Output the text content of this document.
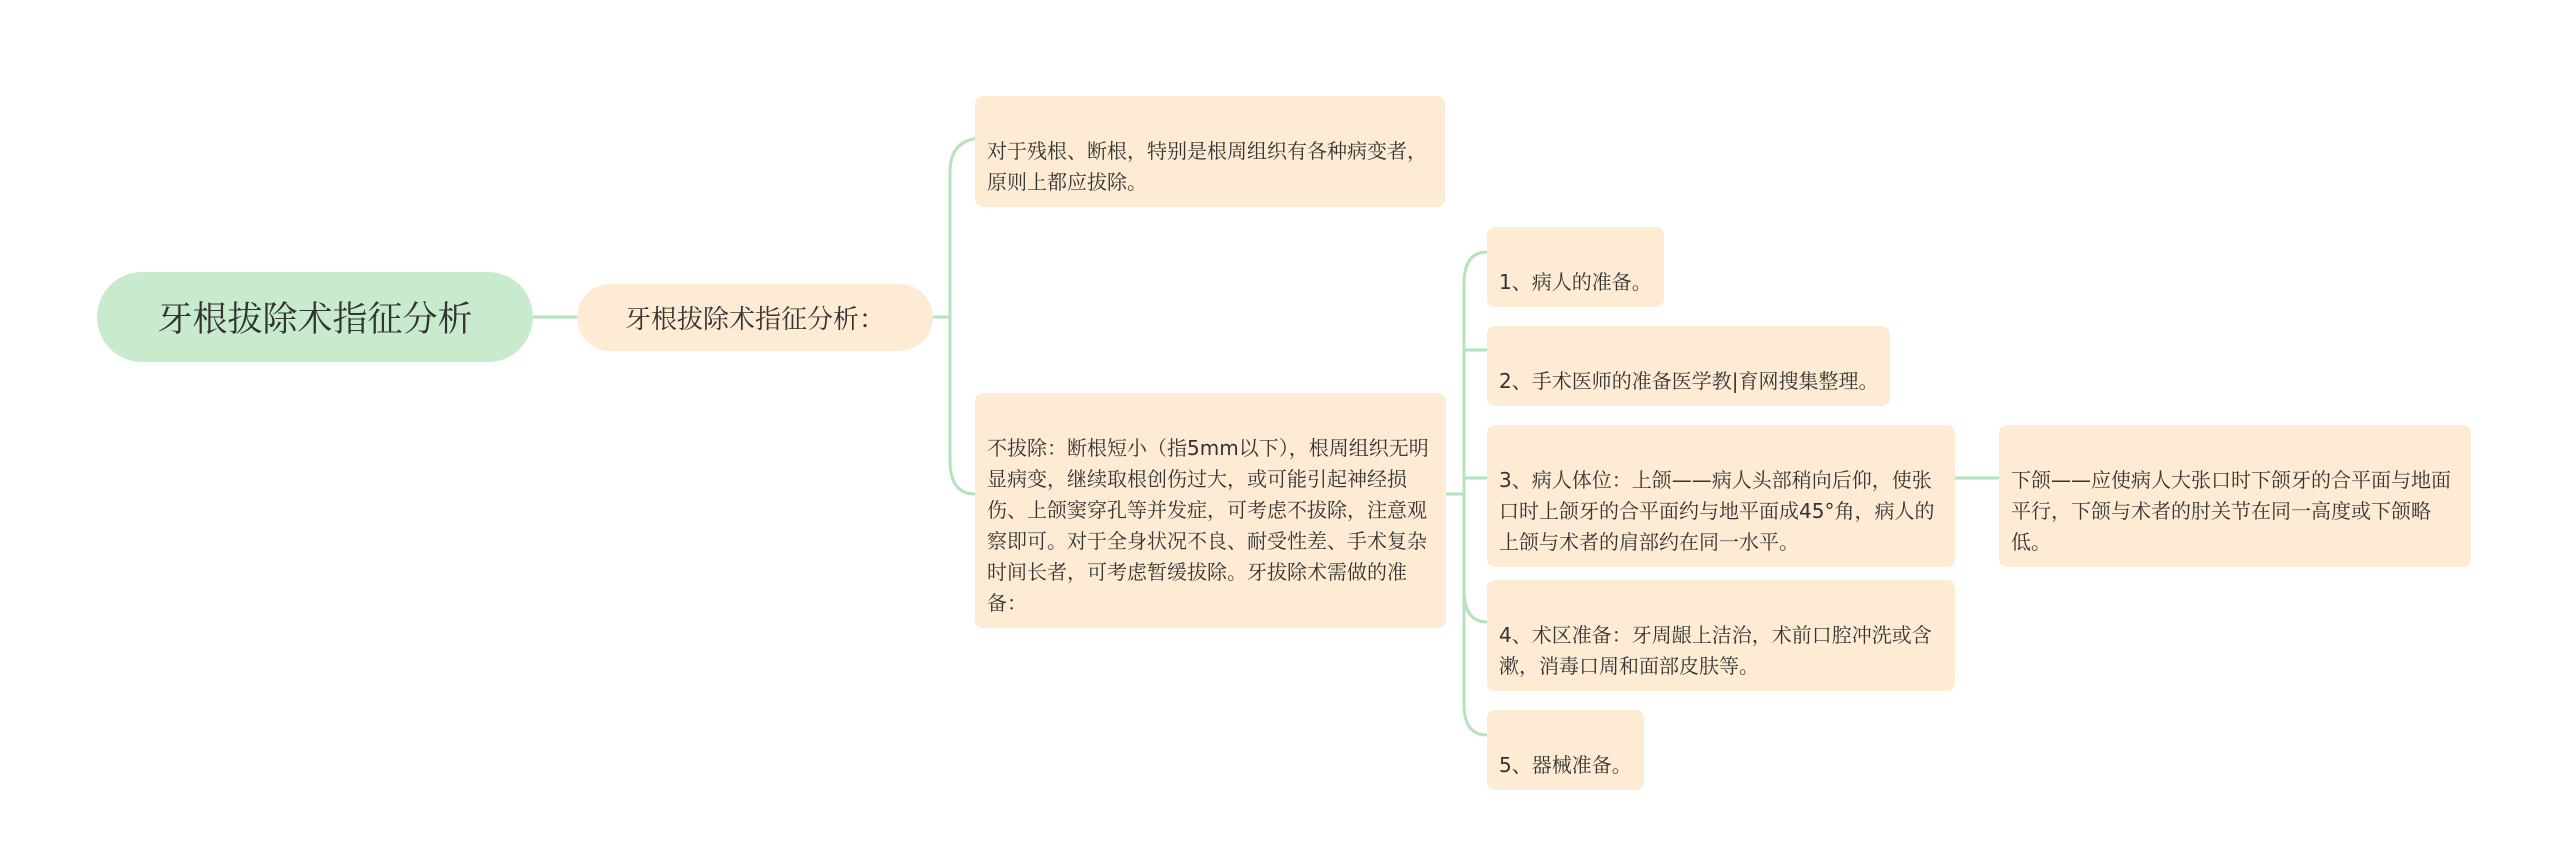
牙根拔除术指征分析	牙根拔除术指征分析：

对于残根、断根，特别是根周组织有各种病变者，原则上都应拔除。

不拔除：断根短小（指5mm以下），根周组织无明显病变，继续取根创伤过大，或可能引起神经损伤、上颌窦穿孔等并发症，可考虑不拔除，注意观察即可。对于全身状况不良、耐受性差、手术复杂时间长者，可考虑暂缓拔除。牙拔除术需做的准备：

1、病人的准备。

2、手术医师的准备医学教|育网搜集整理。

3、病人体位：上颌——病人头部稍向后仰，使张口时上颌牙的合平面约与地平面成45°角，病人的上颌与术者的肩部约在同一水平。

4、术区准备：牙周龈上洁治，术前口腔冲洗或含漱，消毒口周和面部皮肤等。

5、器械准备。

下颌——应使病人大张口时下颌牙的合平面与地面平行，下颌与术者的肘关节在同一高度或下颌略低。
